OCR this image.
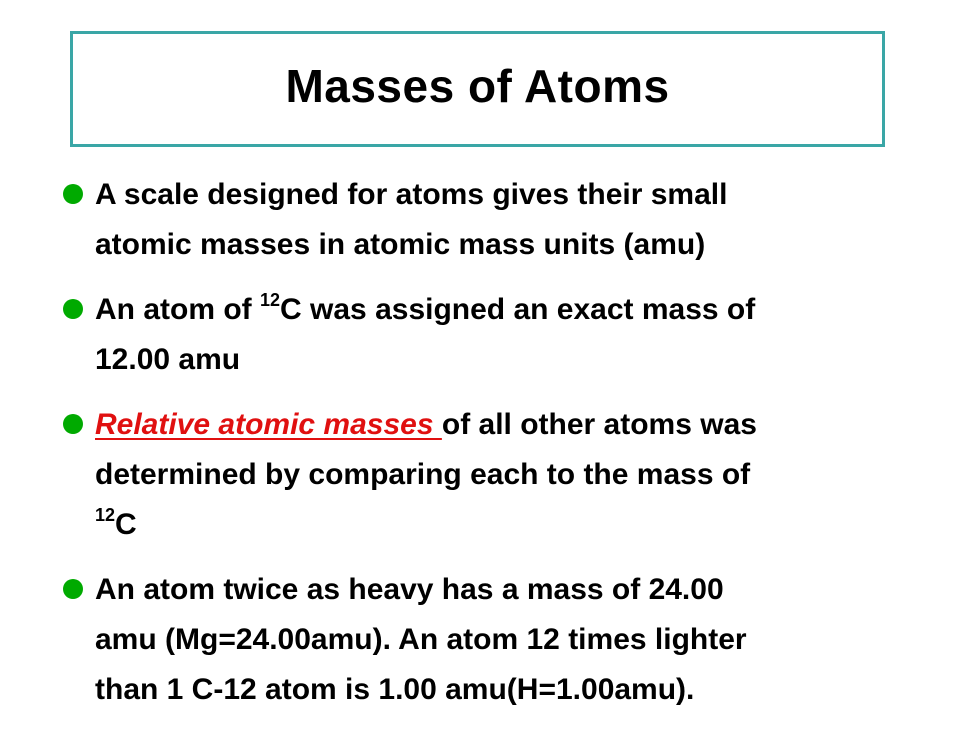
Masses of Atoms
A scale designed for atoms gives their small
atomic masses in atomic mass units (amu)
An atom of $^{12}$C was assigned an exact mass of
12.00 amu
Relative atomic masses of all other atoms was
determined by comparing each to the mass of
$^{12}$C
An atom twice as heavy has a mass of 24.00
amu (Mg=24.00amu). An atom 12 times lighter
than 1 C-12 atom is 1.00 amu(H=1.00amu).
